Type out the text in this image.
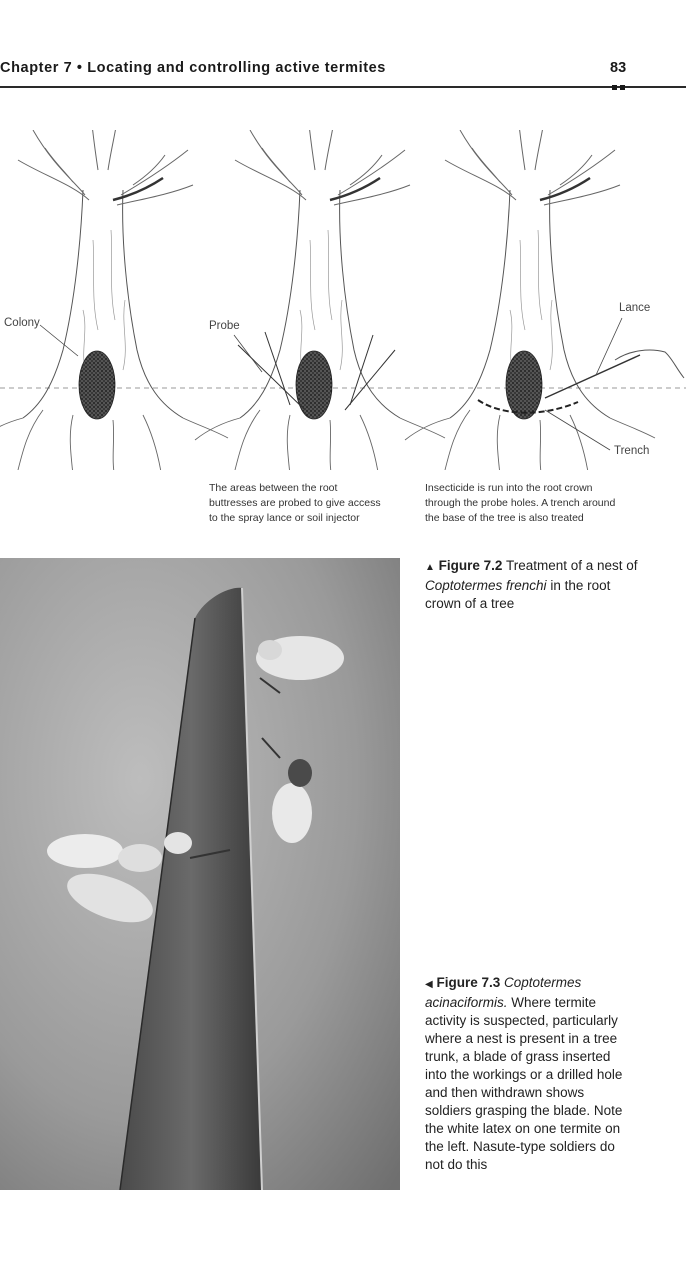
Chapter 7 • Locating and controlling active termites	83
Colony	Probe
Lance
Trench
The areas between the root
buttresses are probed to give access
to the spray lance or soil injector
Insecticide is run into the root crown
through the probe holes. A trench around
the base of the tree is also treated
▲ Figure 7.2 Treatment of a nest of Coptotermes frenchi in the root crown of a tree
◀ Figure 7.3 Coptotermes acinaciformis. Where termite activity is suspected, particularly where a nest is present in a tree trunk, a blade of grass inserted into the workings or a drilled hole and then withdrawn shows soldiers grasping the blade. Note the white latex on one termite on the left. Nasute-type soldiers do not do this
